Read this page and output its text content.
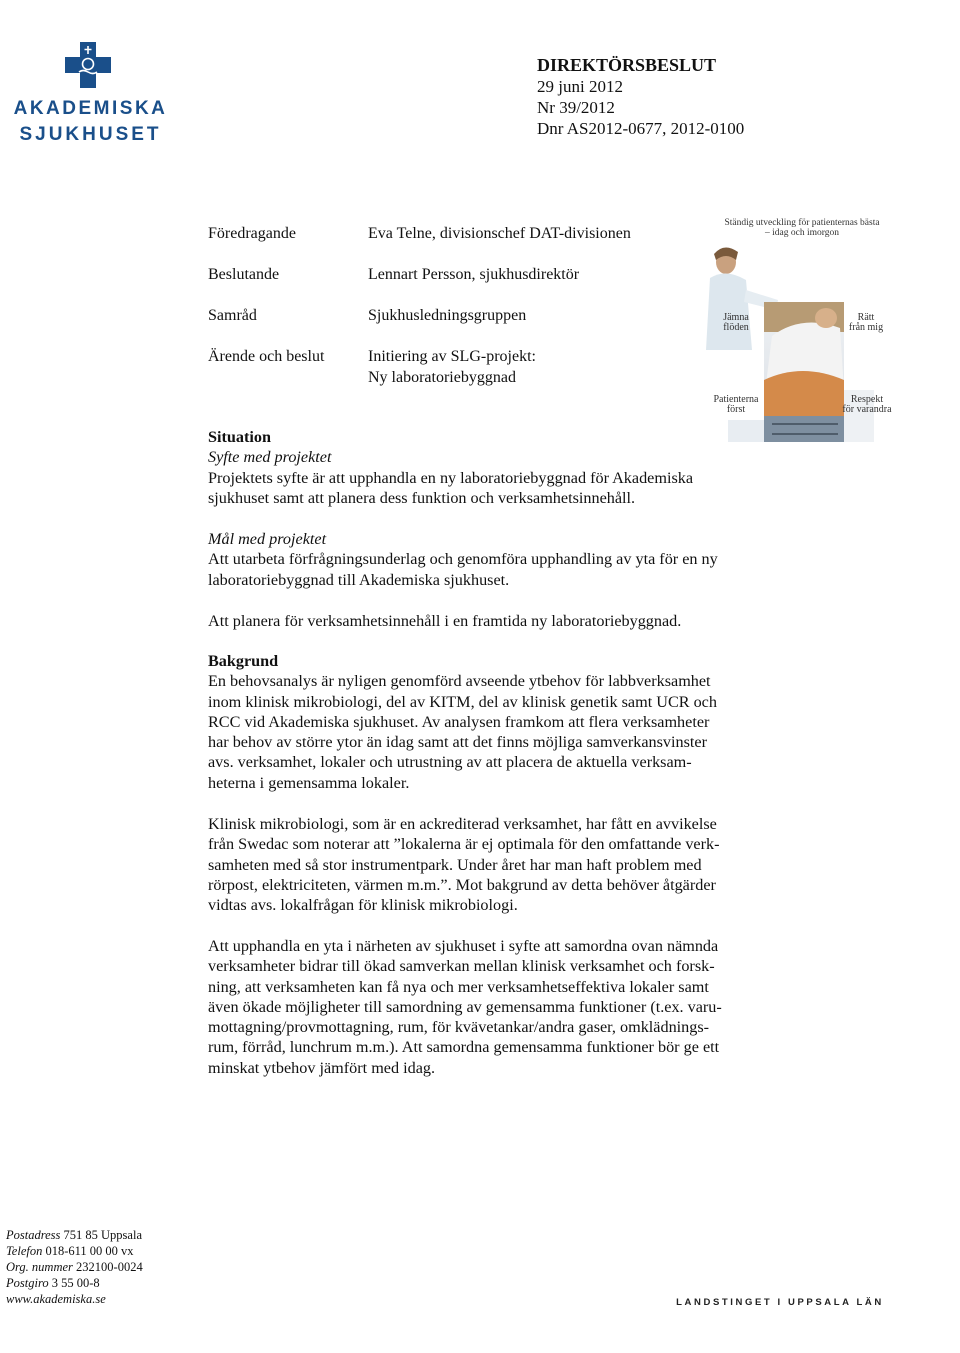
AKADEMISKA
SJUKHUSET
DIREKTÖRSBESLUT
29 juni 2012
Nr 39/2012
Dnr AS2012-0677, 2012-0100
Föredragande	Eva Telne, divisionschef DAT-divisionen
Beslutande	Lennart Persson, sjukhusdirektör
Samråd	Sjukhusledningsgruppen
Ärende och beslut	Initiering av SLG-projekt:
Ny laboratoriebyggnad
Ständig utveckling för patienternas bästa
– idag och imorgon
Jämna
flöden
Rätt
från mig
Patienterna
först
Respekt
för varandra

Situation

Syfte med projektet

Projektets syfte är att upphandla en ny laboratoriebyggnad för Akademiska

sjukhuset samt att planera dess funktion och verksamhetsinnehåll.

Mål med projektet

Att utarbeta förfrågningsunderlag och genomföra upphandling av yta för en ny

laboratoriebyggnad till Akademiska sjukhuset.

Att planera för verksamhetsinnehåll i en framtida ny laboratoriebyggnad.

Bakgrund

En behovsanalys är nyligen genomförd avseende ytbehov för labbverksamhet

inom klinisk mikrobiologi, del av KITM, del av klinisk genetik samt UCR och

RCC vid Akademiska sjukhuset. Av analysen framkom att flera verksamheter

har behov av större ytor än idag samt att det finns möjliga samverkansvinster

avs. verksamhet, lokaler och utrustning av att placera de aktuella verksam-

heterna i gemensamma lokaler.

Klinisk mikrobiologi, som är en ackrediterad verksamhet, har fått en avvikelse

från Swedac som noterar att ”lokalerna är ej optimala för den omfattande verk-

samheten med så stor instrumentpark. Under året har man haft problem med

rörpost, elektriciteten, värmen m.m.”. Mot bakgrund av detta behöver åtgärder

vidtas avs. lokalfrågan för klinisk mikrobiologi.

Att upphandla en yta i närheten av sjukhuset i syfte att samordna ovan nämnda

verksamheter bidrar till ökad samverkan mellan klinisk verksamhet och forsk-

ning, att verksamheten kan få nya och mer verksamhetseffektiva lokaler samt

även ökade möjligheter till samordning av gemensamma funktioner (t.ex. varu-

mottagning/provmottagning, rum, för kvävetankar/andra gaser, omklädnings-

rum, förråd, lunchrum m.m.). Att samordna gemensamma funktioner bör ge ett

minskat ytbehov jämfört med idag.

Postadress 751 85 Uppsala
Telefon 018-611 00 00 vx
Org. nummer 232100-0024
Postgiro 3 55 00-8
www.akademiska.se	LANDSTINGET I UPPSALA LÄN
